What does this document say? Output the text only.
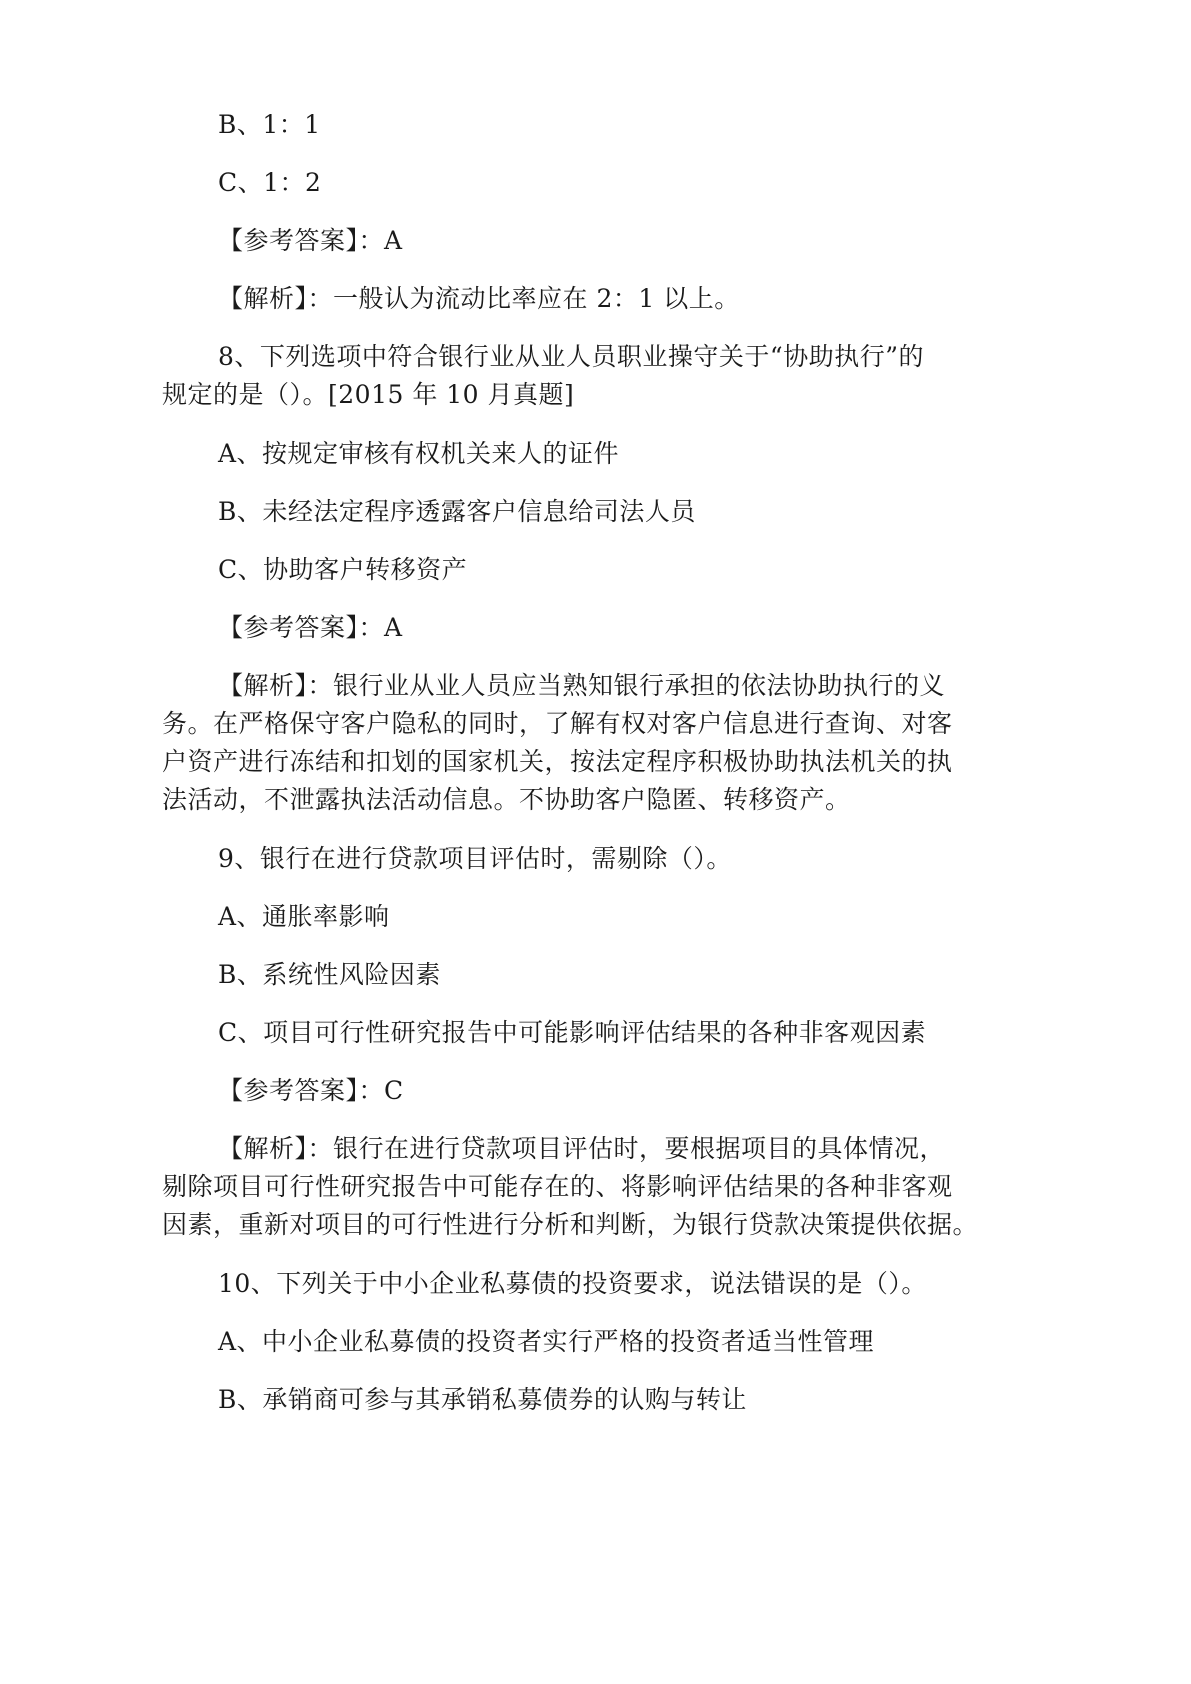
B、1：1
C、1：2
【参考答案】：A
【解析】：一般认为流动比率应在 2：1 以上。
8、下列选项中符合银行业从业人员职业操守关于“协助执行”的
规定的是（）。[2015 年 10 月真题]
A、按规定审核有权机关来人的证件
B、未经法定程序透露客户信息给司法人员
C、协助客户转移资产
【参考答案】：A
【解析】：银行业从业人员应当熟知银行承担的依法协助执行的义
务。在严格保守客户隐私的同时，了解有权对客户信息进行查询、对客
户资产进行冻结和扣划的国家机关，按法定程序积极协助执法机关的执
法活动，不泄露执法活动信息。不协助客户隐匿、转移资产。
9、银行在进行贷款项目评估时，需剔除（）。
A、通胀率影响
B、系统性风险因素
C、项目可行性研究报告中可能影响评估结果的各种非客观因素
【参考答案】：C
【解析】：银行在进行贷款项目评估时，要根据项目的具体情况，
剔除项目可行性研究报告中可能存在的、将影响评估结果的各种非客观
因素，重新对项目的可行性进行分析和判断，为银行贷款决策提供依据。
10、下列关于中小企业私募债的投资要求，说法错误的是（）。
A、中小企业私募债的投资者实行严格的投资者适当性管理
B、承销商可参与其承销私募债券的认购与转让
